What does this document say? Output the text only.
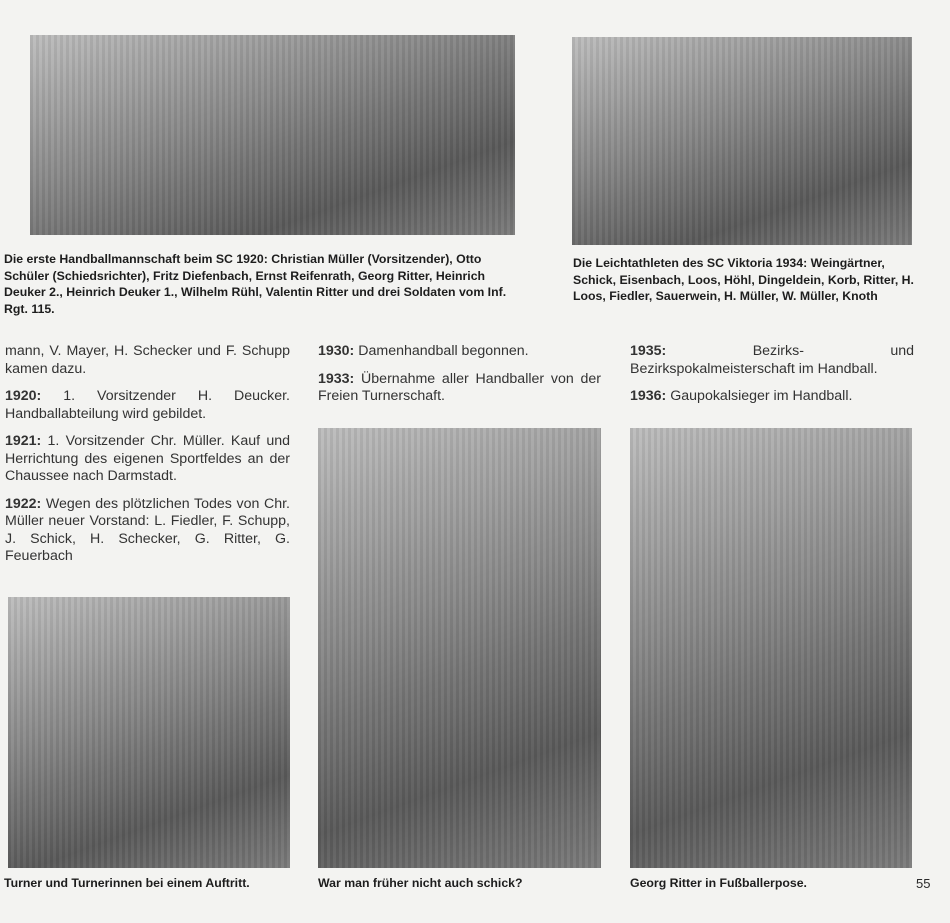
Die erste Handballmannschaft beim SC 1920: Christian Müller (Vorsitzender), Otto Schüler (Schiedsrichter), Fritz Diefenbach, Ernst Reifenrath, Georg Ritter, Heinrich Deuker 2., Heinrich Deuker 1., Wilhelm Rühl, Valentin Ritter und drei Soldaten vom Inf. Rgt. 115.
Die Leichtathleten des SC Viktoria 1934: Weingärtner, Schick, Eisenbach, Loos, Höhl, Dingeldein, Korb, Ritter, H. Loos, Fiedler, Sauerwein, H. Müller, W. Müller, Knoth

mann, V. Mayer, H. Schecker und F. Schupp kamen dazu.

1920: 1. Vorsitzender H. Deucker. Handballabteilung wird gebildet.

1921: 1. Vorsitzender Chr. Müller. Kauf und Herrichtung des eigenen Sportfeldes an der Chaussee nach Darmstadt.

1922: Wegen des plötzlichen Todes von Chr. Müller neuer Vorstand: L. Fiedler, F. Schupp, J. Schick, H. Schecker, G. Ritter, G. Feuerbach

1930: Damenhandball begonnen.

1933: Übernahme aller Handballer von der Freien Turnerschaft.

1935: Bezirks- und Bezirkspokalmeisterschaft im Handball.

1936: Gaupokalsieger im Handball.

Turner und Turnerinnen bei einem Auftritt.	War man früher nicht auch schick?	Georg Ritter in Fußballerpose.	55
